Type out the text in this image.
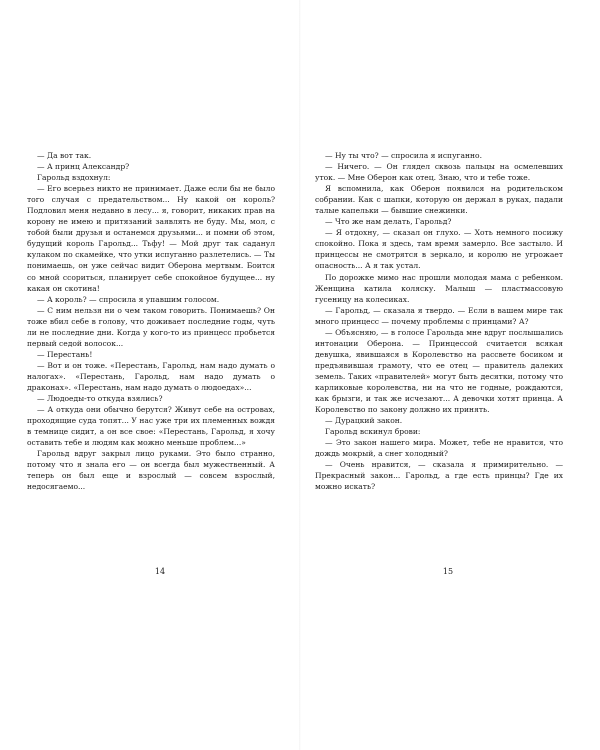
— Да вот так.

— А принц Александр?

Гарольд вздохнул:

— Его всерьез никто не принимает. Даже если бы не было того случая с предательством... Ну какой он король? Подловил меня недавно в лесу... я, говорит, никаких прав на корону не имею и притязаний заявлять не буду. Мы, мол, с тобой были друзья и останемся друзьями... и помни об этом, будущий король Гарольд... Тьфу! — Мой друг так саданул кулаком по скамейке, что утки испуганно разлетелись. — Ты понимаешь, он уже сейчас видит Оберона мертвым. Боится со мной ссориться, планирует себе спокойное будущее... ну какая он скотина!

— А король? — спросила я упавшим голосом.

— С ним нельзя ни о чем таком говорить. Понимаешь? Он тоже вбил себе в голову, что доживает последние годы, чуть ли не последние дни. Когда у кого-то из принцесс пробьется первый седой волосок...

— Перестань!

— Вот и он тоже. «Перестань, Гарольд, нам надо думать о налогах». «Перестань, Гарольд, нам надо думать о драконах». «Перестань, нам надо думать о людоедах»...

— Людоеды-то откуда взялись?

— А откуда они обычно берутся? Живут себе на островах, проходящие суда топят... У нас уже три их племенных вождя в темнице сидит, а он все свое: «Перестань, Гарольд, я хочу оставить тебе и людям как можно меньше проблем...»

Гарольд вдруг закрыл лицо руками. Это было странно, потому что я знала его — он всегда был мужественный. А теперь он был еще и взрослый — совсем взрослый, недосягаемо...

14

— Ну ты что? — спросила я испуганно.

— Ничего. — Он глядел сквозь пальцы на осмелевших уток. — Мне Оберон как отец. Знаю, что и тебе тоже.

Я вспомнила, как Оберон появился на родительском собрании. Как с шапки, которую он держал в руках, падали талые капельки — бывшие снежинки.

— Что же нам делать, Гарольд?

— Я отдохну, — сказал он глухо. — Хоть немного посижу спокойно. Пока я здесь, там время замерло. Все застыло. И принцессы не смотрятся в зеркало, и королю не угрожает опасность... А я так устал.

По дорожке мимо нас прошли молодая мама с ребенком. Женщина катила коляску. Малыш — пластмассовую гусеницу на колесиках.

— Гарольд, — сказала я твердо. — Если в вашем мире так много принцесс — почему проблемы с принцами? А?

— Объясняю, — в голосе Гарольда мне вдруг послышались интонации Оберона. — Принцессой считается всякая девушка, явившаяся в Королевство на рассвете босиком и предъявившая грамоту, что ее отец — правитель далеких земель. Таких «правителей» могут быть десятки, потому что карликовые королевства, ни на что не годные, рождаются, как брызги, и так же исчезают... А девочки хотят принца. А Королевство по закону должно их принять.

— Дурацкий закон.

Гарольд вскинул брови:

— Это закон нашего мира. Может, тебе не нравится, что дождь мокрый, а снег холодный?

— Очень нравится, — сказала я примирительно. — Прекрасный закон... Гарольд, а где есть принцы? Где их можно искать?

15
